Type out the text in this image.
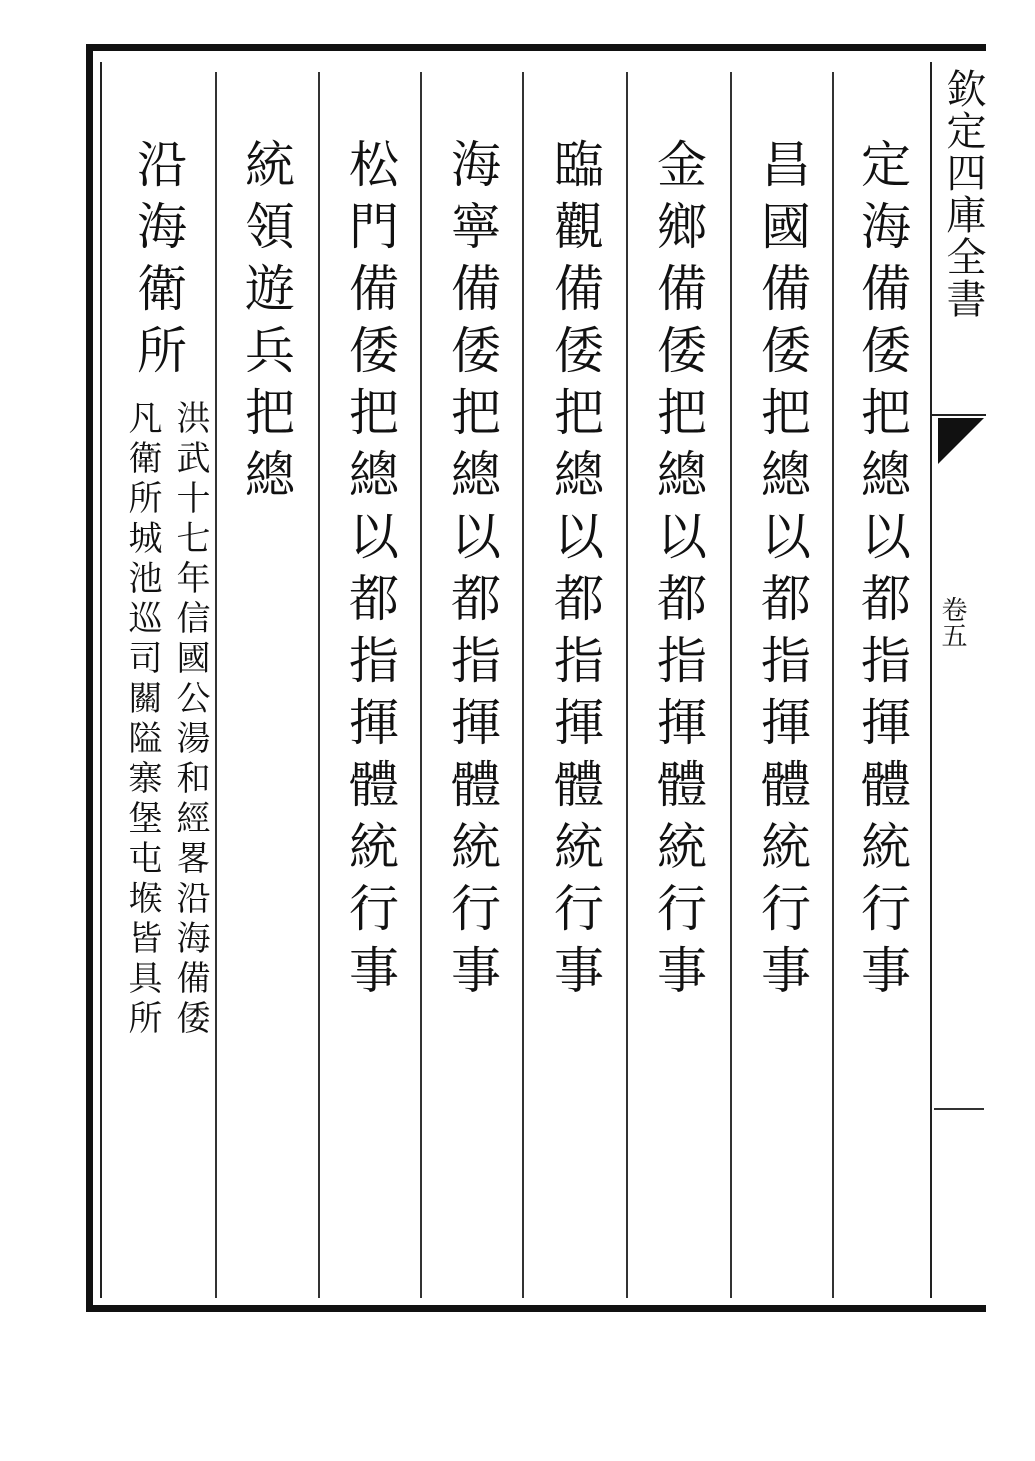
定海備倭把總以都指揮體統行事
昌國備倭把總以都指揮體統行事
金鄉備倭把總以都指揮體統行事
臨觀備倭把總以都指揮體統行事
海寧備倭把總以都指揮體統行事
松門備倭把總以都指揮體統行事
統領遊兵把總
沿海衛所
洪武十七年信國公湯和經畧沿海備倭
凡衛所城池巡司關隘寨堡屯堠皆具所
欽定四庫全書
卷五
